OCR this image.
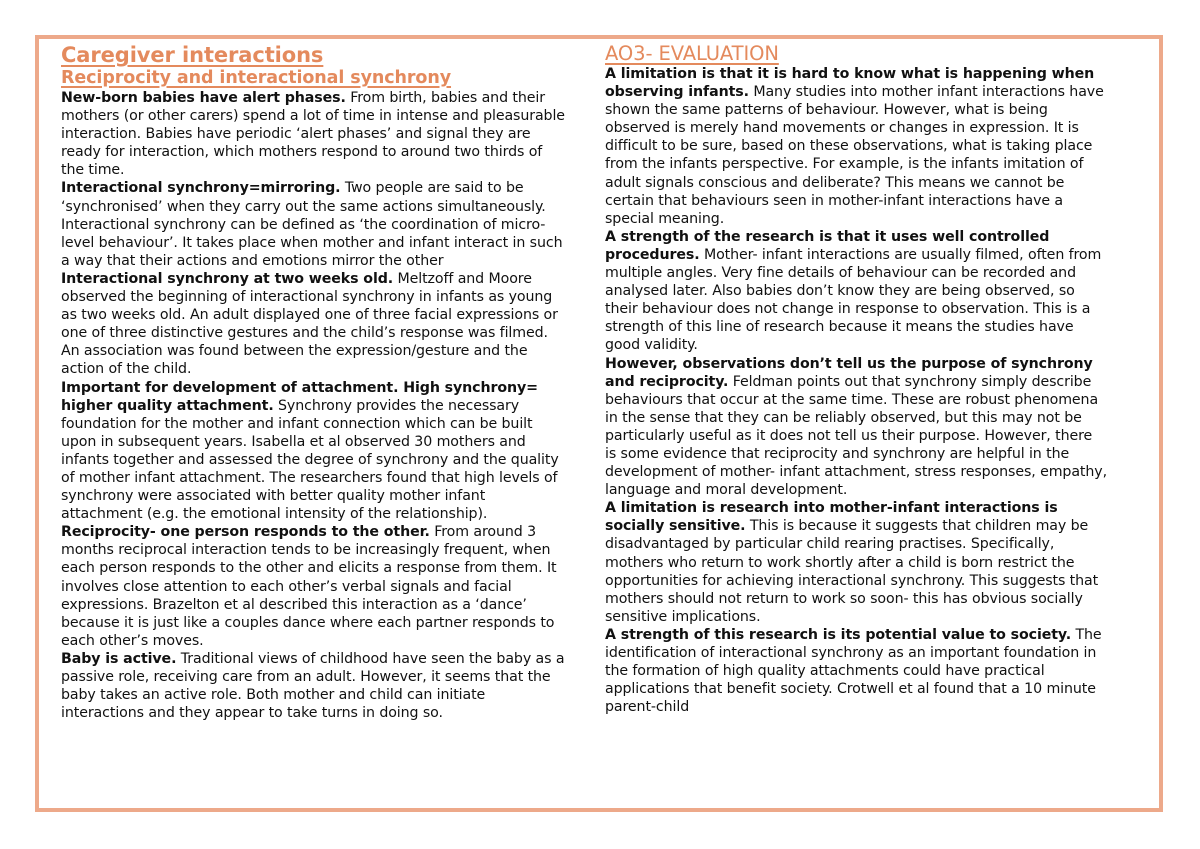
Caregiver interactions
Reciprocity and interactional synchrony

New-born babies have alert phases. From birth, babies and their mothers (or other carers) spend a lot of time in intense and pleasurable interaction. Babies have periodic ‘alert phases’ and signal they are ready for interaction, which mothers respond to around two thirds of the time.

Interactional synchrony=mirroring. Two people are said to be ‘synchronised’ when they carry out the same actions simultaneously. Interactional synchrony can be defined as ‘the coordination of micro-level behaviour’. It takes place when mother and infant interact in such a way that their actions and emotions mirror the other

Interactional synchrony at two weeks old. Meltzoff and Moore observed the beginning of interactional synchrony in infants as young as two weeks old. An adult displayed one of three facial expressions or one of three distinctive gestures and the child’s response was filmed. An association was found between the expression/gesture and the action of the child.

Important for development of attachment. High synchrony= higher quality attachment. Synchrony provides the necessary foundation for the mother and infant connection which can be built upon in subsequent years. Isabella et al observed 30 mothers and infants together and assessed the degree of synchrony and the quality of mother infant attachment. The researchers found that high levels of synchrony were associated with better quality mother infant attachment (e.g. the emotional intensity of the relationship).

Reciprocity- one person responds to the other. From around 3 months reciprocal interaction tends to be increasingly frequent, when each person responds to the other and elicits a response from them. It involves close attention to each other’s verbal signals and facial expressions. Brazelton et al described this interaction as a ‘dance’ because it is just like a couples dance where each partner responds to each other’s moves.

Baby is active. Traditional views of childhood have seen the baby as a passive role, receiving care from an adult. However, it seems that the baby takes an active role. Both mother and child can initiate interactions and they appear to take turns in doing so.

AO3- EVALUATION

A limitation is that it is hard to know what is happening when observing infants. Many studies into mother infant interactions have shown the same patterns of behaviour. However, what is being observed is merely hand movements or changes in expression. It is difficult to be sure, based on these observations, what is taking place from the infants perspective. For example, is the infants imitation of adult signals conscious and deliberate? This means we cannot be certain that behaviours seen in mother-infant interactions have a special meaning.

A strength of the research is that it uses well controlled procedures. Mother- infant interactions are usually filmed, often from multiple angles. Very fine details of behaviour can be recorded and analysed later. Also babies don’t know they are being observed, so their behaviour does not change in response to observation. This is a strength of this line of research because it means the studies have good validity.

However, observations don’t tell us the purpose of synchrony and reciprocity. Feldman points out that synchrony simply describe behaviours that occur at the same time. These are robust phenomena in the sense that they can be reliably observed, but this may not be particularly useful as it does not tell us their purpose. However, there is some evidence that reciprocity and synchrony are helpful in the development of mother- infant attachment, stress responses, empathy, language and moral development.

A limitation is research into mother-infant interactions is socially sensitive. This is because it suggests that children may be disadvantaged by particular child rearing practises. Specifically, mothers who return to work shortly after a child is born restrict the opportunities for achieving interactional synchrony. This suggests that mothers should not return to work so soon- this has obvious socially sensitive implications.

A strength of this research is its potential value to society. The identification of interactional synchrony as an important foundation in the formation of high quality attachments could have practical applications that benefit society. Crotwell et al found that a 10 minute parent-child
